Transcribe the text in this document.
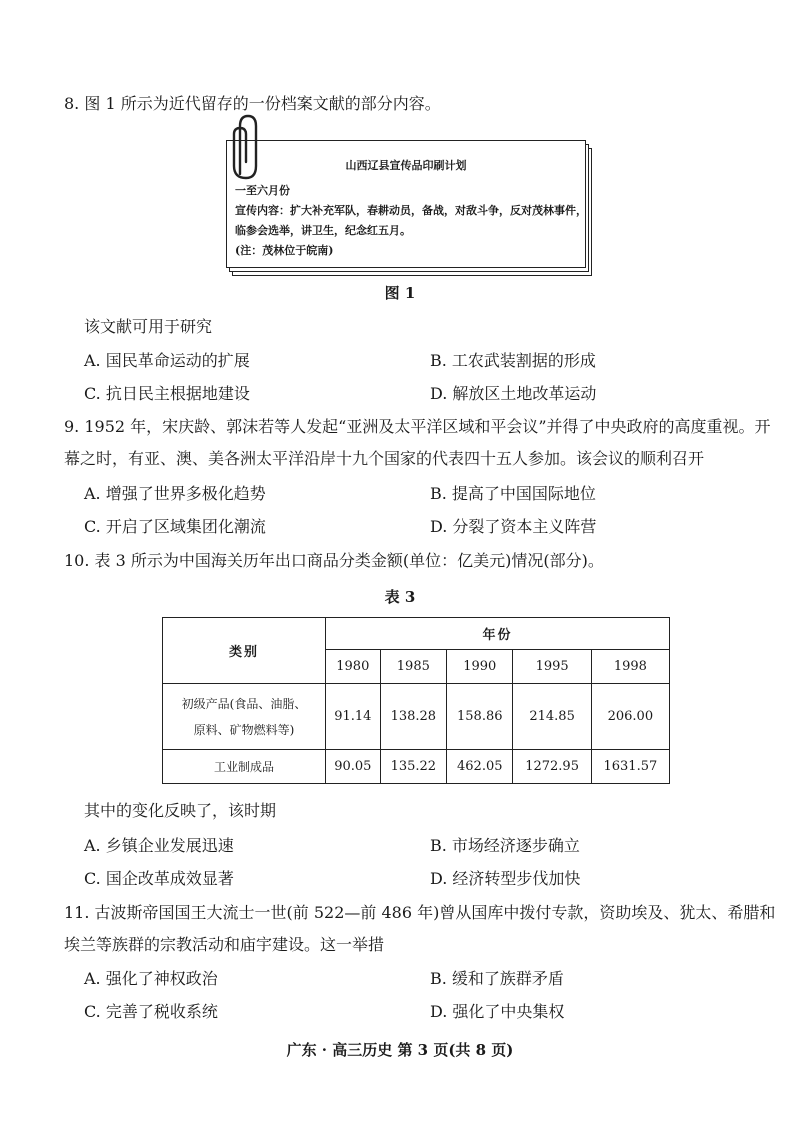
8. 图 1 所示为近代留存的一份档案文献的部分内容。
山西辽县宣传品印刷计划
一至六月份
宣传内容：扩大补充军队，春耕动员，备战，对敌斗争，反对茂林事件，
临参会选举，讲卫生，纪念红五月。
(注：茂林位于皖南)
图 1
该文献可用于研究
A. 国民革命运动的扩展	B. 工农武装割据的形成
C. 抗日民主根据地建设	D. 解放区土地改革运动
9. 1952 年，宋庆龄、郭沫若等人发起“亚洲及太平洋区域和平会议”并得了中央政府的高度重视。开
幕之时，有亚、澳、美各洲太平洋沿岸十九个国家的代表四十五人参加。该会议的顺利召开
A. 增强了世界多极化趋势	B. 提高了中国国际地位
C. 开启了区域集团化潮流	D. 分裂了资本主义阵营
10. 表 3 所示为中国海关历年出口商品分类金额(单位：亿美元)情况(部分)。
表 3
类别	年份				
	1980	1985	1990	1995	1998

初级产品(食品、油脂、
原料、矿物燃料等)	91.14	138.28	158.86	214.85	206.00
工业制成品	90.05	135.22	462.05	1272.95	1631.57
其中的变化反映了，该时期
A. 乡镇企业发展迅速	B. 市场经济逐步确立
C. 国企改革成效显著	D. 经济转型步伐加快
11. 古波斯帝国国王大流士一世(前 522—前 486 年)曾从国库中拨付专款，资助埃及、犹太、希腊和
埃兰等族群的宗教活动和庙宇建设。这一举措
A. 强化了神权政治	B. 缓和了族群矛盾
C. 完善了税收系统	D. 强化了中央集权
广东 · 高三历史 第 3 页(共 8 页)
